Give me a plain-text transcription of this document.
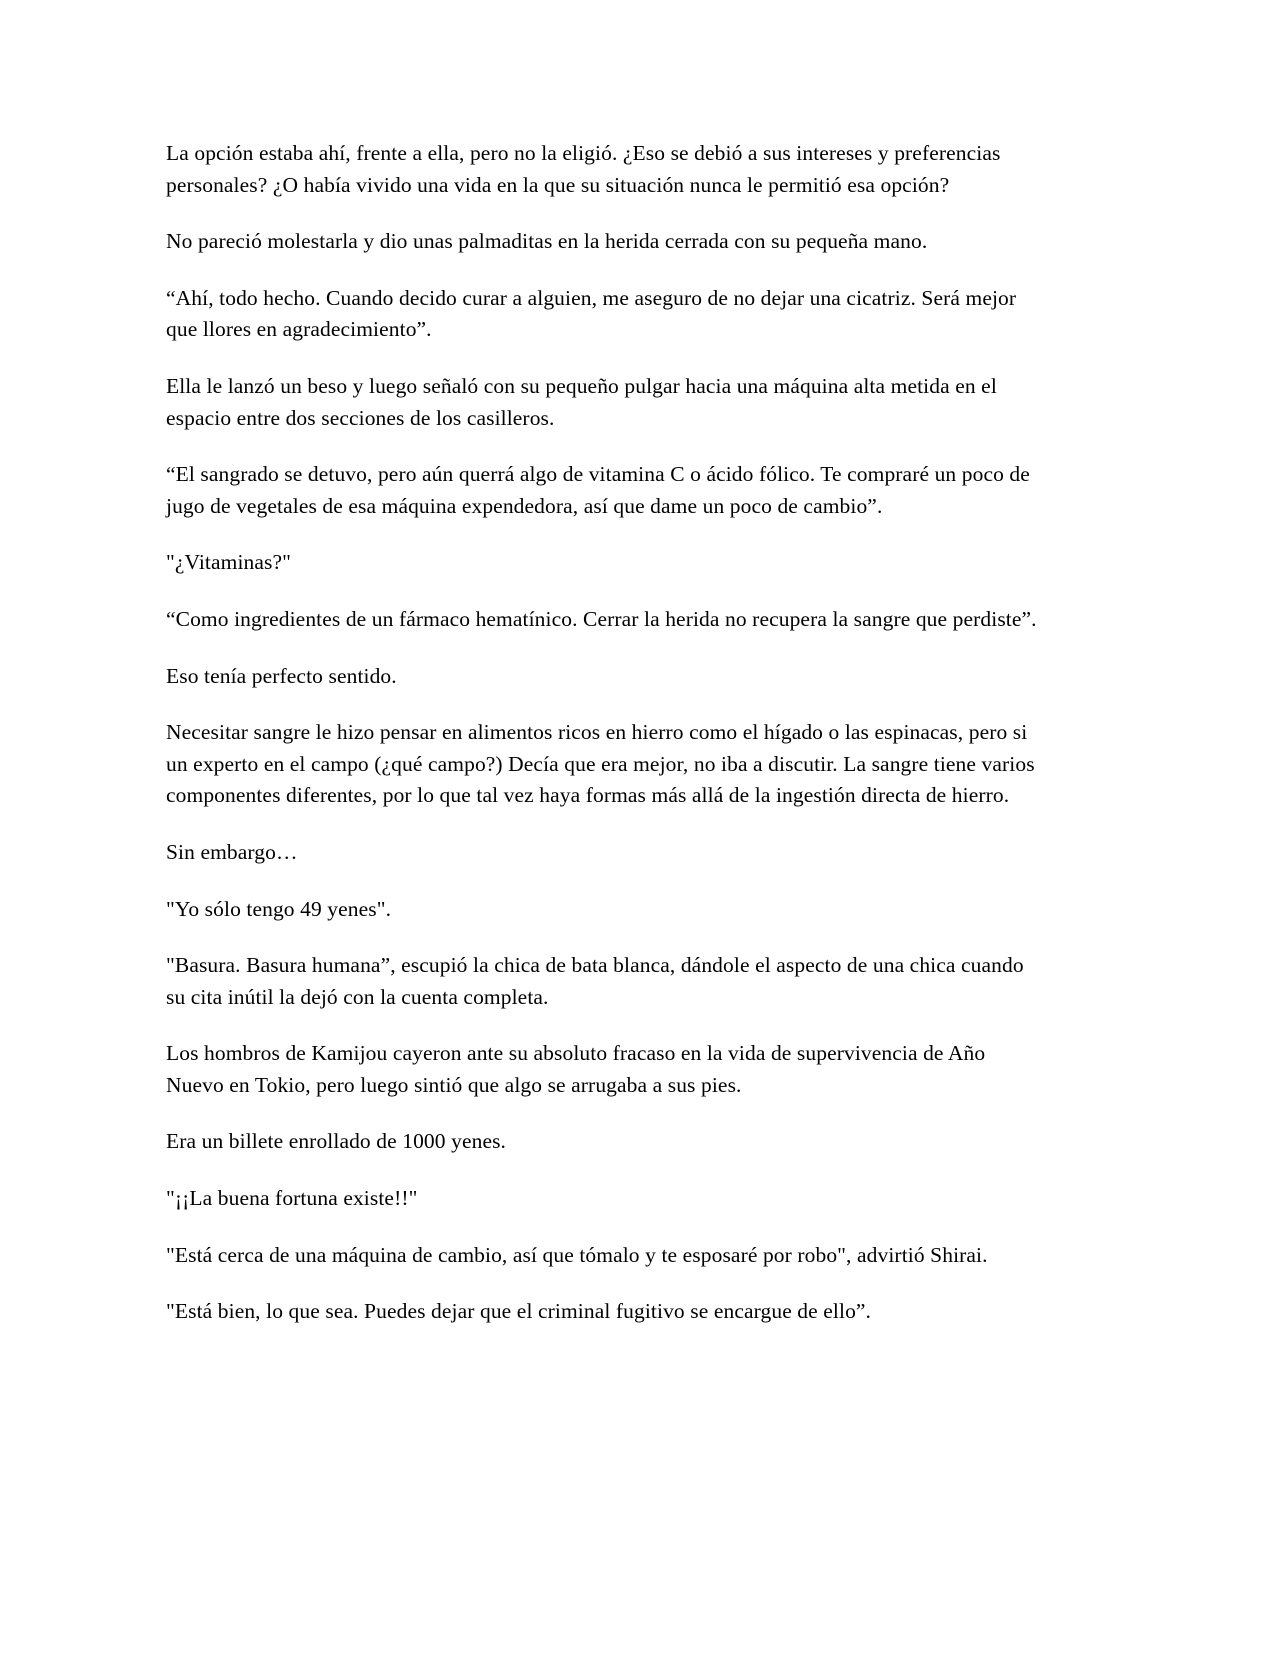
La opción estaba ahí, frente a ella, pero no la eligió. ¿Eso se debió a sus intereses y preferencias personales? ¿O había vivido una vida en la que su situación nunca le permitió esa opción?

No pareció molestarla y dio unas palmaditas en la herida cerrada con su pequeña mano.

“Ahí, todo hecho. Cuando decido curar a alguien, me aseguro de no dejar una cicatriz. Será mejor que llores en agradecimiento”.

Ella le lanzó un beso y luego señaló con su pequeño pulgar hacia una máquina alta metida en el espacio entre dos secciones de los casilleros.

“El sangrado se detuvo, pero aún querrá algo de vitamina C o ácido fólico. Te compraré un poco de jugo de vegetales de esa máquina expendedora, así que dame un poco de cambio”.

"¿Vitaminas?"

“Como ingredientes de un fármaco hematínico. Cerrar la herida no recupera la sangre que perdiste”.

Eso tenía perfecto sentido.

Necesitar sangre le hizo pensar en alimentos ricos en hierro como el hígado o las espinacas, pero si un experto en el campo (¿qué campo?) Decía que era mejor, no iba a discutir. La sangre tiene varios componentes diferentes, por lo que tal vez haya formas más allá de la ingestión directa de hierro.

Sin embargo…

"Yo sólo tengo 49 yenes".

"Basura. Basura humana”, escupió la chica de bata blanca, dándole el aspecto de una chica cuando su cita inútil la dejó con la cuenta completa.

Los hombros de Kamijou cayeron ante su absoluto fracaso en la vida de supervivencia de Año Nuevo en Tokio, pero luego sintió que algo se arrugaba a sus pies.

Era un billete enrollado de 1000 yenes.

"¡¡La buena fortuna existe!!"

"Está cerca de una máquina de cambio, así que tómalo y te esposaré por robo", advirtió Shirai.

"Está bien, lo que sea. Puedes dejar que el criminal fugitivo se encargue de ello”.
